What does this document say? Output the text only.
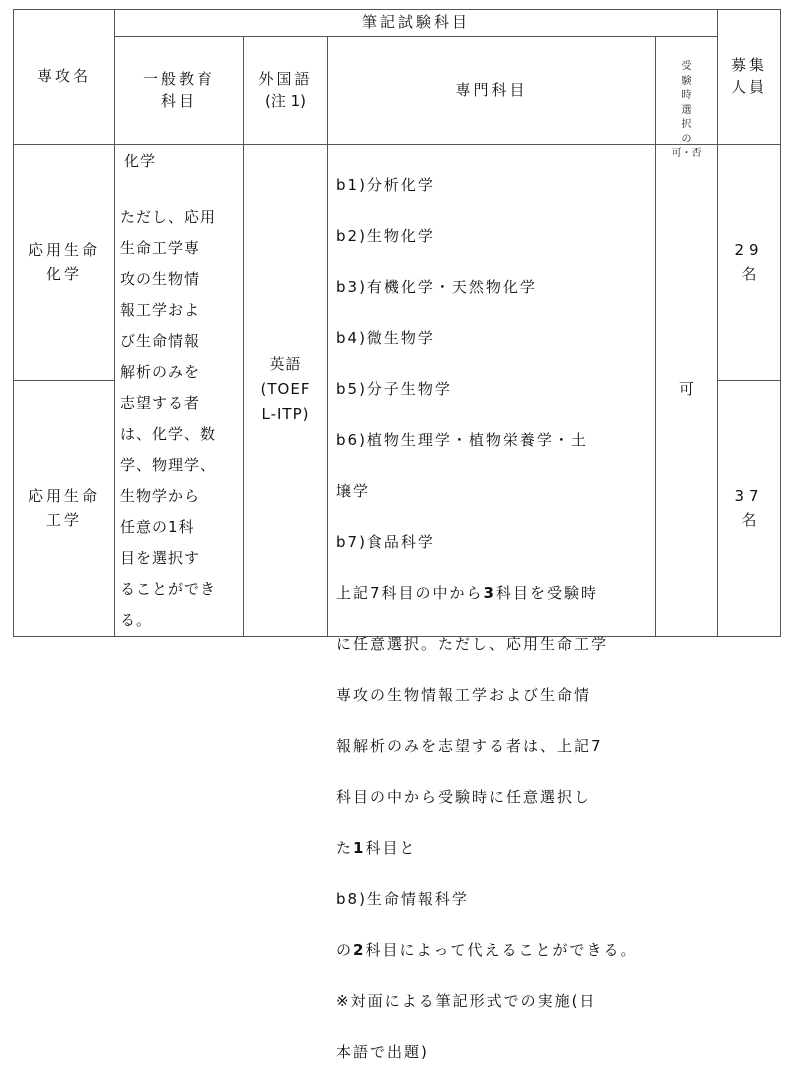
専攻名
筆記試験科目
一般教育
科目
外国語
(注 1)
専門科目
受
験
時
選
択
の
可・否
募集
人員
応用生命
化学
29
名
応用生命
工学
37
名
化学
ただし、応用
生命工学専
攻の生物情
報工学およ
び生命情報
解析のみを
志望する者
は、化学、数
学、物理学、
生物学から
任意の1科
目を選択す
ることができ
る。
英語
(TOEF
L-ITP)

b1)分析化学

b2)生物化学

b3)有機化学・天然物化学

b4)微生物学

b5)分子生物学

b6)植物生理学・植物栄養学・土

壌学

b7)食品科学

上記7科目の中から3科目を受験時

に任意選択。ただし、応用生命工学

専攻の生物情報工学および生命情

報解析のみを志望する者は、上記7

科目の中から受験時に任意選択し

た1科目と

b8)生命情報科学

の2科目によって代えることができる。

※対面による筆記形式での実施(日

本語で出題)

可
